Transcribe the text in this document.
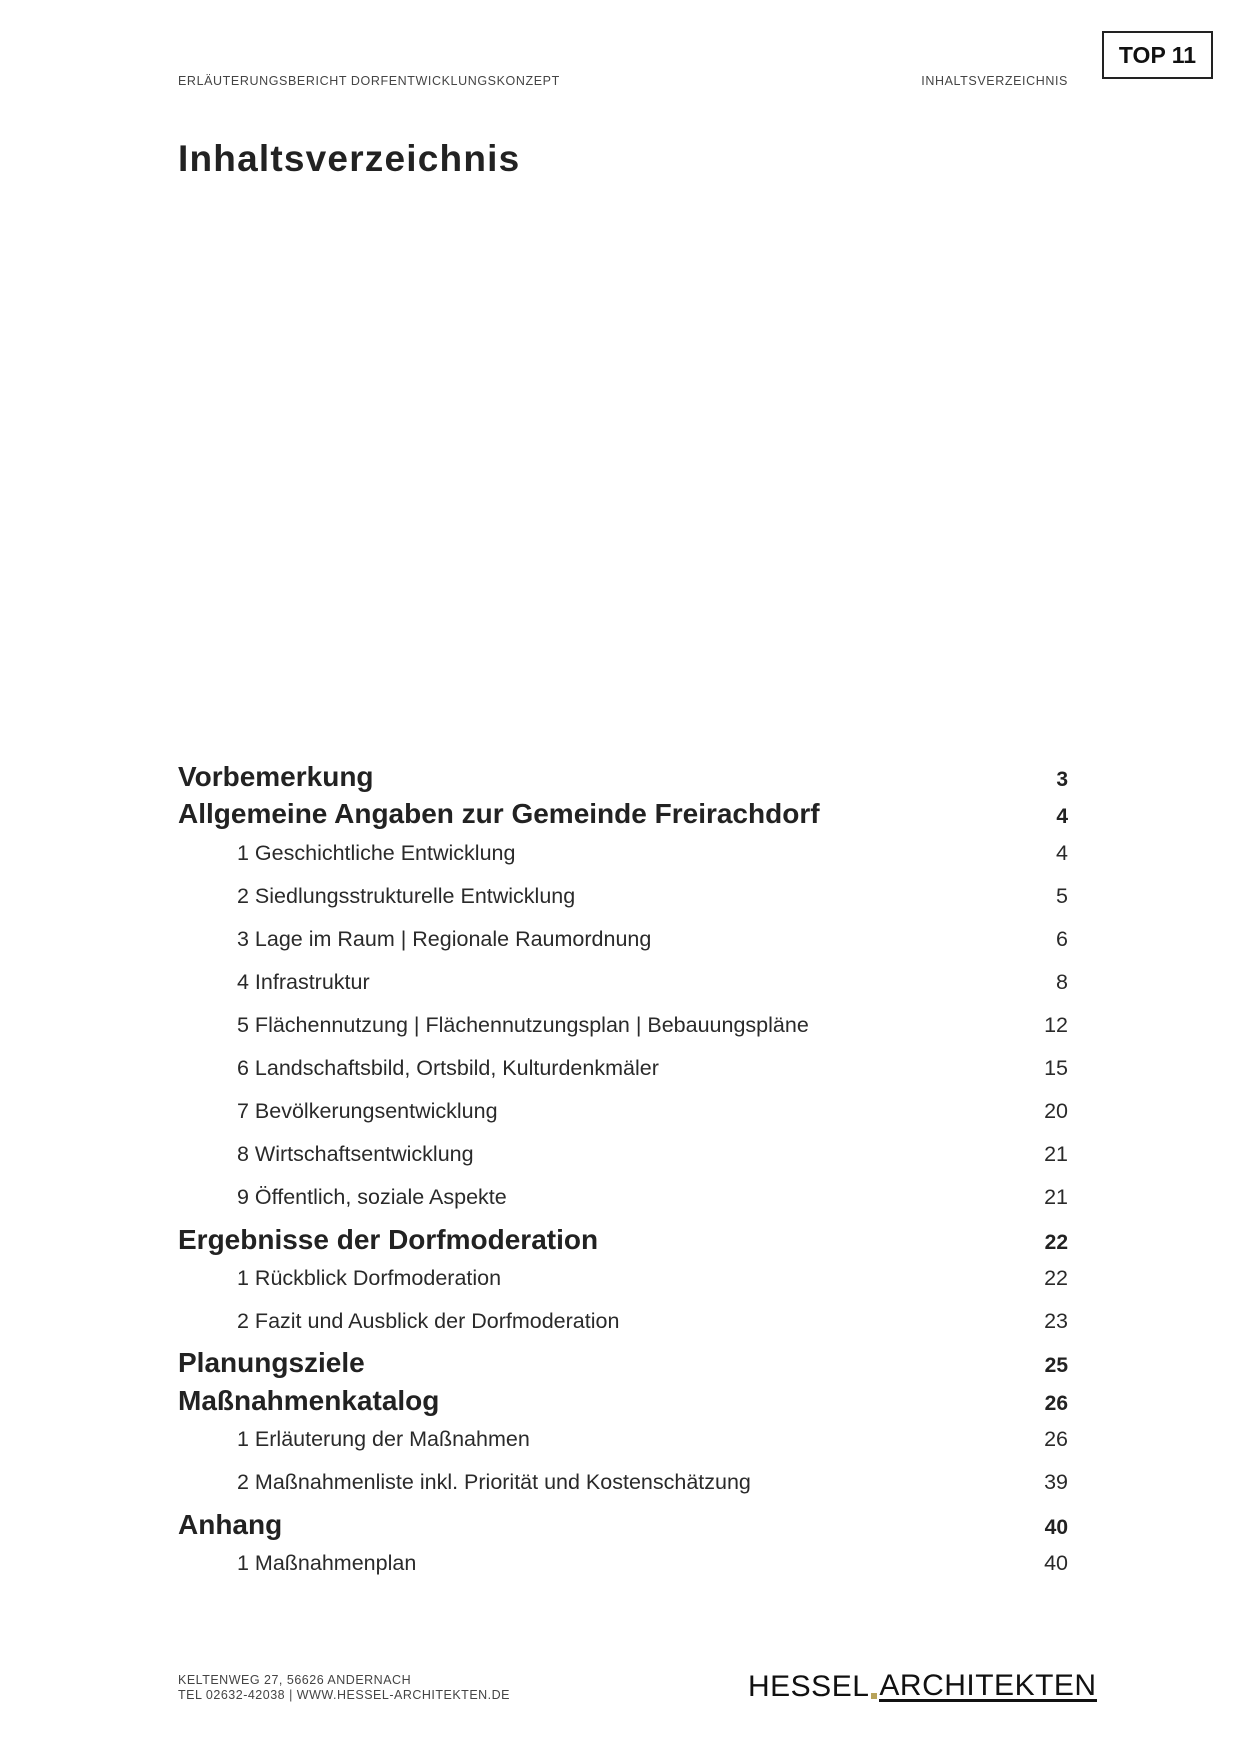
TOP 11
ERLÄUTERUNGSBERICHT DORFENTWICKLUNGSKONZEPT	INHALTSVERZEICHNIS
Inhaltsverzeichnis
Vorbemerkung	3
Allgemeine Angaben zur Gemeinde Freirachdorf	4
1 Geschichtliche Entwicklung	4
2 Siedlungsstrukturelle Entwicklung	5
3 Lage im Raum | Regionale Raumordnung	6
4 Infrastruktur	8
5 Flächennutzung | Flächennutzungsplan | Bebauungspläne	12
6 Landschaftsbild, Ortsbild, Kulturdenkmäler	15
7 Bevölkerungsentwicklung	20
8 Wirtschaftsentwicklung	21
9 Öffentlich, soziale Aspekte	21
Ergebnisse der Dorfmoderation	22
1 Rückblick Dorfmoderation	22
2 Fazit und Ausblick der Dorfmoderation	23
Planungsziele	25
Maßnahmenkatalog	26
1 Erläuterung der Maßnahmen	26
2 Maßnahmenliste inkl. Priorität und Kostenschätzung	39
Anhang	40
1 Maßnahmenplan	40
KELTENWEG 27, 56626 ANDERNACH
TEL 02632-42038 | WWW.HESSEL-ARCHITEKTEN.DE	HESSEL ARCHITEKTEN
